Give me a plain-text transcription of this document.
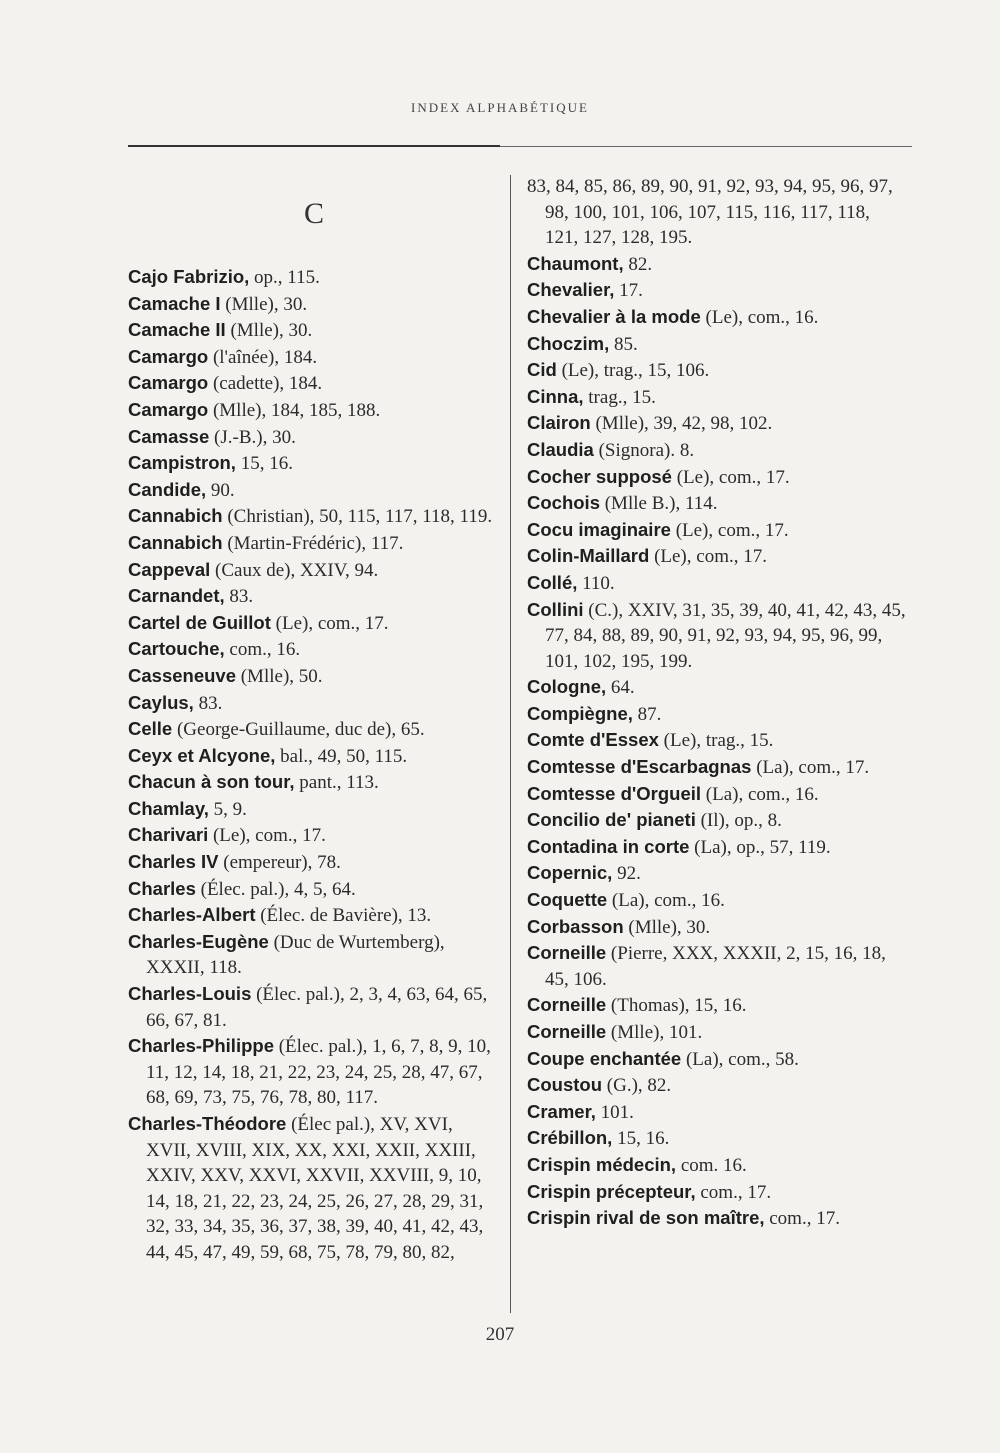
INDEX ALPHABÉTIQUE
C

Cajo Fabrizio, op., 115.

Camache I (Mlle), 30.

Camache II (Mlle), 30.

Camargo (l'aînée), 184.

Camargo (cadette), 184.

Camargo (Mlle), 184, 185, 188.

Camasse (J.-B.), 30.

Campistron, 15, 16.

Candide, 90.

Cannabich (Christian), 50, 115, 117, 118, 119.

Cannabich (Martin-Frédéric), 117.

Cappeval (Caux de), XXIV, 94.

Carnandet, 83.

Cartel de Guillot (Le), com., 17.

Cartouche, com., 16.

Casseneuve (Mlle), 50.

Caylus, 83.

Celle (George-Guillaume, duc de), 65.

Ceyx et Alcyone, bal., 49, 50, 115.

Chacun à son tour, pant., 113.

Chamlay, 5, 9.

Charivari (Le), com., 17.

Charles IV (empereur), 78.

Charles (Élec. pal.), 4, 5, 64.

Charles-Albert (Élec. de Bavière), 13.

Charles-Eugène (Duc de Wurtemberg), XXXII, 118.

Charles-Louis (Élec. pal.), 2, 3, 4, 63, 64, 65, 66, 67, 81.

Charles-Philippe (Élec. pal.), 1, 6, 7, 8, 9, 10, 11, 12, 14, 18, 21, 22, 23, 24, 25, 28, 47, 67, 68, 69, 73, 75, 76, 78, 80, 117.

Charles-Théodore (Élec pal.), XV, XVI, XVII, XVIII, XIX, XX, XXI, XXII, XXIII, XXIV, XXV, XXVI, XXVII, XXVIII, 9, 10, 14, 18, 21, 22, 23, 24, 25, 26, 27, 28, 29, 31, 32, 33, 34, 35, 36, 37, 38, 39, 40, 41, 42, 43, 44, 45, 47, 49, 59, 68, 75, 78, 79, 80, 82,

83, 84, 85, 86, 89, 90, 91, 92, 93, 94, 95, 96, 97, 98, 100, 101, 106, 107, 115, 116, 117, 118, 121, 127, 128, 195.

Chaumont, 82.

Chevalier, 17.

Chevalier à la mode (Le), com., 16.

Choczim, 85.

Cid (Le), trag., 15, 106.

Cinna, trag., 15.

Clairon (Mlle), 39, 42, 98, 102.

Claudia (Signora). 8.

Cocher supposé (Le), com., 17.

Cochois (Mlle B.), 114.

Cocu imaginaire (Le), com., 17.

Colin-Maillard (Le), com., 17.

Collé, 110.

Collini (C.), XXIV, 31, 35, 39, 40, 41, 42, 43, 45, 77, 84, 88, 89, 90, 91, 92, 93, 94, 95, 96, 99, 101, 102, 195, 199.

Cologne, 64.

Compiègne, 87.

Comte d'Essex (Le), trag., 15.

Comtesse d'Escarbagnas (La), com., 17.

Comtesse d'Orgueil (La), com., 16.

Concilio de' pianeti (Il), op., 8.

Contadina in corte (La), op., 57, 119.

Copernic, 92.

Coquette (La), com., 16.

Corbasson (Mlle), 30.

Corneille (Pierre, XXX, XXXII, 2, 15, 16, 18, 45, 106.

Corneille (Thomas), 15, 16.

Corneille (Mlle), 101.

Coupe enchantée (La), com., 58.

Coustou (G.), 82.

Cramer, 101.

Crébillon, 15, 16.

Crispin médecin, com. 16.

Crispin précepteur, com., 17.

Crispin rival de son maître, com., 17.

207
